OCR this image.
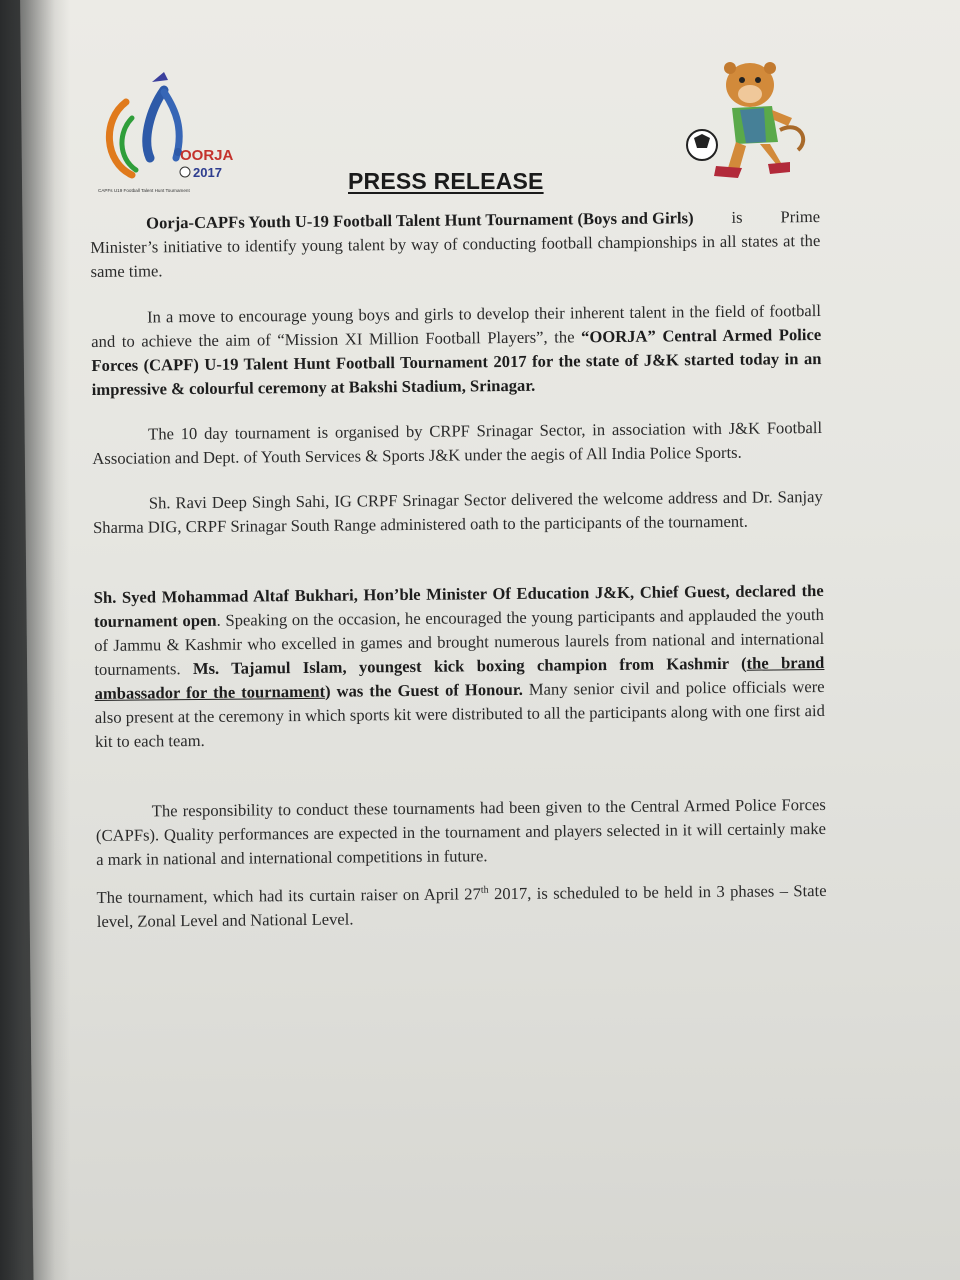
OORJA
2017
CAPFs U19 Football Talent Hunt Tournament	PRESS RELEASE

Oorja-CAPFs Youth U-19 Football Talent Hunt Tournament (Boys and Girls) is Prime Minister’s initiative to identify young talent by way of conducting football championships in all states at the same time.

In a move to encourage young boys and girls to develop their inherent talent in the field of football and to achieve the aim of “Mission XI Million Football Players”, the “OORJA” Central Armed Police Forces (CAPF) U-19 Talent Hunt Football Tournament 2017 for the state of J&K started today in an impressive & colourful ceremony at Bakshi Stadium, Srinagar.

The 10 day tournament is organised by CRPF Srinagar Sector, in association with J&K Football Association and Dept. of Youth Services & Sports J&K under the aegis of All India Police Sports.

Sh. Ravi Deep Singh Sahi, IG CRPF Srinagar Sector delivered the welcome address and Dr. Sanjay Sharma DIG, CRPF Srinagar South Range administered oath to the participants of the tournament.

Sh. Syed Mohammad Altaf Bukhari, Hon’ble Minister Of Education J&K, Chief Guest, declared the tournament open. Speaking on the occasion, he encouraged the young participants and applauded the youth of Jammu & Kashmir who excelled in games and brought numerous laurels from national and international tournaments. Ms. Tajamul Islam, youngest kick boxing champion from Kashmir (the brand ambassador for the tournament) was the Guest of Honour. Many senior civil and police officials were also present at the ceremony in which sports kit were distributed to all the participants along with one first aid kit to each team.

The responsibility to conduct these tournaments had been given to the Central Armed Police Forces (CAPFs). Quality performances are expected in the tournament and players selected in it will certainly make a mark in national and international competitions in future.

The tournament, which had its curtain raiser on April 27th 2017, is scheduled to be held in 3 phases – State level, Zonal Level and National Level.
